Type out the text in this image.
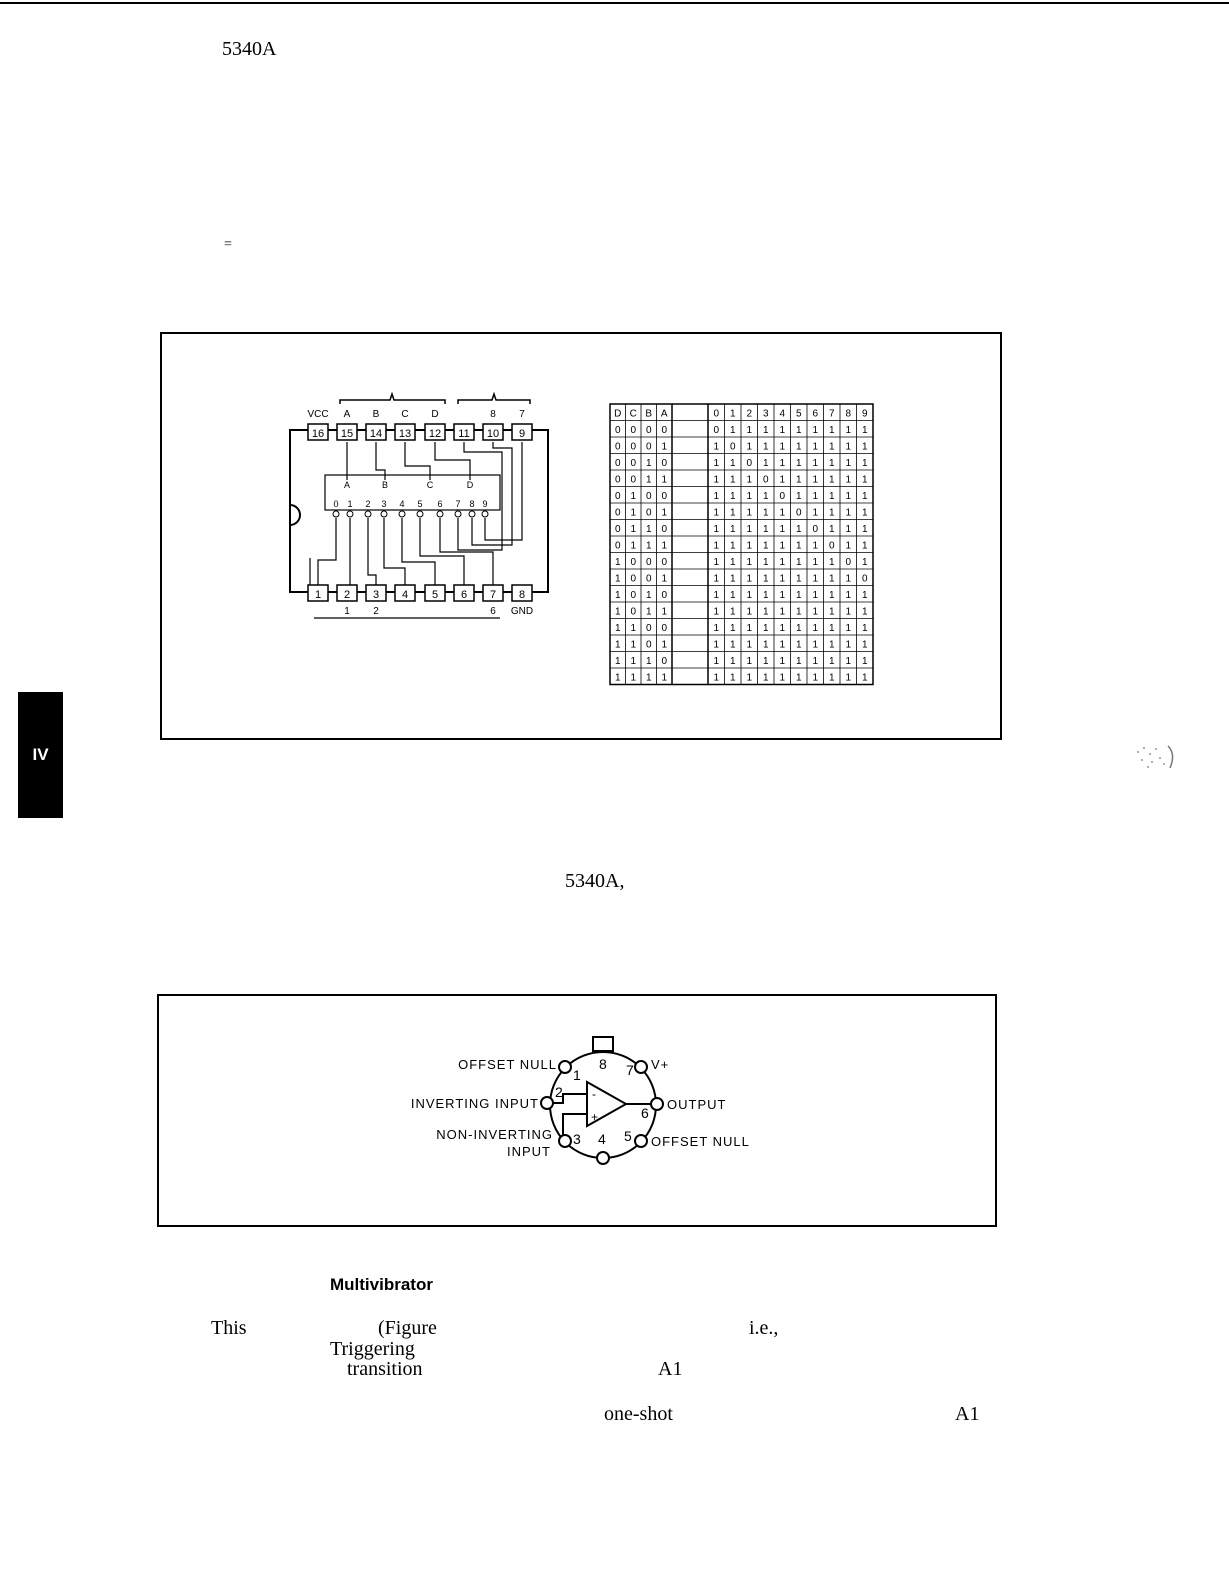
5340A
=
VCC A B C D	8 7
16 15 14 13 12 11 10 9
1 2 3 4 5 6 7 8
A	B	C	D
0 1 2 3 4 5 6 7 8 9
1 2	6 GND
D C B A	0 1 2 3 4 5 6 7 8 9
0 0 0 0	0 1 1 1 1 1 1 1 1 1
0 0 0 1	1 0 1 1 1 1 1 1 1 1
0 0 1 0	1 1 0 1 1 1 1 1 1 1
0 0 1 1	1 1 1 0 1 1 1 1 1 1
0 1 0 0	1 1 1 1 0 1 1 1 1 1
0 1 0 1	1 1 1 1 1 0 1 1 1 1
0 1 1 0	1 1 1 1 1 1 0 1 1 1
0 1 1 1	1 1 1 1 1 1 1 0 1 1
1 0 0 0	1 1 1 1 1 1 1 1 0 1
1 0 0 1	1 1 1 1 1 1 1 1 1 0
1 0 1 0	1 1 1 1 1 1 1 1 1 1
1 0 1 1	1 1 1 1 1 1 1 1 1 1
1 1 0 0	1 1 1 1 1 1 1 1 1 1
1 1 0 1	1 1 1 1 1 1 1 1 1 1
1 1 1 0	1 1 1 1 1 1 1 1 1 1
1 1 1 1	1 1 1 1 1 1 1 1 1 1
IV
5340A,
-
+
1
2
3 4 5
6
7
8
OFFSET NULL	V+
INVERTING INPUT	OUTPUT
NON-INVERTING
INPUT
OFFSET NULL
Multivibrator
This	(Figure	i.e.,
Triggering
transition	A1
one-shot	A1
